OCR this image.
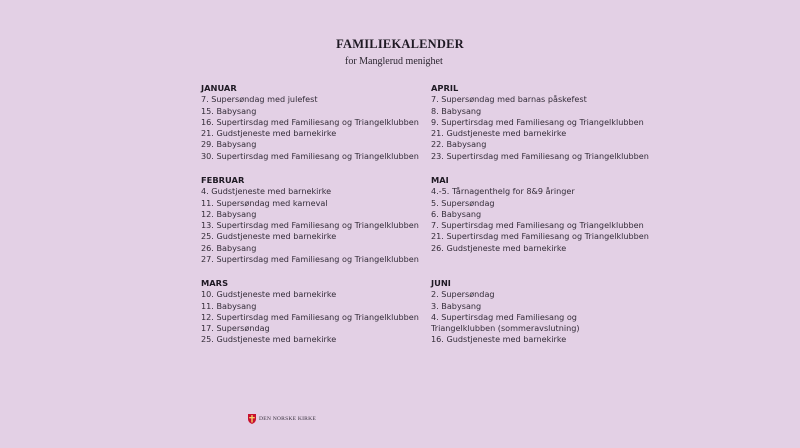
FAMILIEKALENDER
for Manglerud menighet
JANUAR
7. Supersøndag med julefest
15. Babysang
16. Supertirsdag med Familiesang og Triangelklubben
21. Gudstjeneste med barnekirke
29. Babysang
30. Supertirsdag med Familiesang og Triangelklubben
FEBRUAR
4. Gudstjeneste med barnekirke
11. Supersøndag med karneval
12. Babysang
13. Supertirsdag med Familiesang og Triangelklubben
25. Gudstjeneste med barnekirke
26. Babysang
27. Supertirsdag med Familiesang og Triangelklubben
MARS
10. Gudstjeneste med barnekirke
11. Babysang
12. Supertirsdag med Familiesang og Triangelklubben
17. Supersøndag
25. Gudstjeneste med barnekirke
APRIL
7. Supersøndag med barnas påskefest
8. Babysang
9. Supertirsdag med Familiesang og Triangelklubben
21. Gudstjeneste med barnekirke
22. Babysang
23. Supertirsdag med Familiesang og Triangelklubben
MAI
4.-5. Tårnagenthelg for 8&9 åringer
5. Supersøndag
6. Babysang
7. Supertirsdag med Familiesang og Triangelklubben
21. Supertirsdag med Familiesang og Triangelklubben
26. Gudstjeneste med barnekirke
JUNI
2. Supersøndag
3. Babysang
4. Supertirsdag med Familiesang og Triangelklubben (sommeravslutning)
16. Gudstjeneste med barnekirke
DEN NORSKE KIRKE
